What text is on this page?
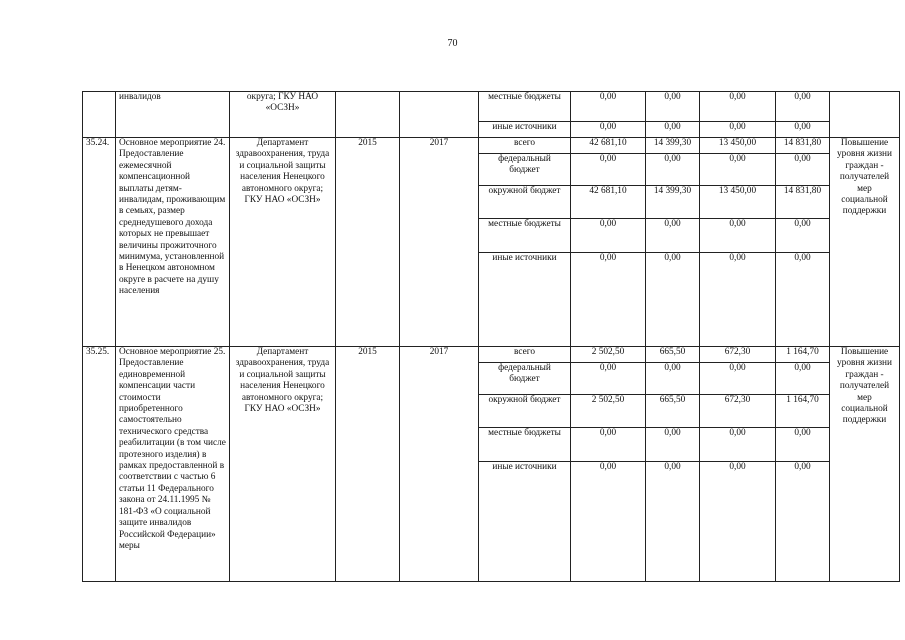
70
	инвалидов	округа; ГКУ НАО «ОСЗН»			местные бюджеты	0,00	0,00	0,00	0,00	
					иные источники	0,00	0,00	0,00	0,00	
35.24.	Основное мероприятие 24. Предоставление ежемесячной компенсационной выплаты детям-инвалидам, проживающим в семьях, размер среднедушевого дохода которых не превышает величины прожиточного минимума, установленной в Ненецком автономном округе в расчете на душу населения	Департамент здравоохранения, труда и социальной защиты населения Ненецкого автономного округа; ГКУ НАО «ОСЗН»	2015	2017	всего	42 681,10	14 399,30	13 450,00	14 831,80	Повышение уровня жизни граждан - получателей мер социальной поддержки
					федеральный бюджет	0,00	0,00	0,00	0,00	
					окружной бюджет	42 681,10	14 399,30	13 450,00	14 831,80	
					местные бюджеты	0,00	0,00	0,00	0,00	
					иные источники	0,00	0,00	0,00	0,00	
35.25.	Основное мероприятие 25. Предоставление единовременной компенсации части стоимости приобретенного самостоятельно технического средства реабилитации (в том числе протезного изделия) в рамках предоставленной в соответствии с частью 6 статьи 11 Федерального закона от 24.11.1995 № 181-ФЗ «О социальной защите инвалидов Российской Федерации» меры	Департамент здравоохранения, труда и социальной защиты населения Ненецкого автономного округа; ГКУ НАО «ОСЗН»	2015	2017	всего	2 502,50	665,50	672,30	1 164,70	Повышение уровня жизни граждан - получателей мер социальной поддержки
					федеральный бюджет	0,00	0,00	0,00	0,00	
					окружной бюджет	2 502,50	665,50	672,30	1 164,70	
					местные бюджеты	0,00	0,00	0,00	0,00	
					иные источники	0,00	0,00	0,00	0,00	
